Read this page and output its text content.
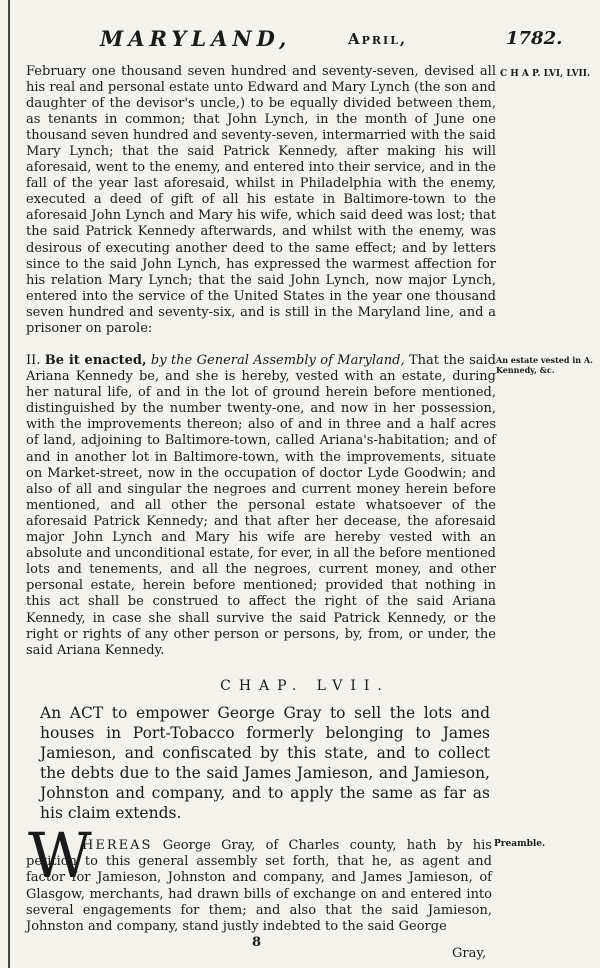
MARYLAND,	April,	1782.
C H A P. LVI, LVII.
February one thousand seven hundred and seventy-seven, devised all his real and personal estate unto Edward and Mary Lynch (the son and daughter of the devisor's uncle,) to be equally divided between them, as tenants in common; that John Lynch, in the month of June one thousand seven hundred and seventy-seven, intermarried with the said Mary Lynch; that the said Patrick Kennedy, after making his will aforesaid, went to the enemy, and entered into their service, and in the fall of the year last aforesaid, whilst in Philadelphia with the enemy, executed a deed of gift of all his estate in Baltimore-town to the aforesaid John Lynch and Mary his wife, which said deed was lost; that the said Patrick Kennedy afterwards, and whilst with the enemy, was desirous of executing another deed to the same effect; and by letters since to the said John Lynch, has expressed the warmest affection for his relation Mary Lynch; that the said John Lynch, now major Lynch, entered into the service of the United States in the year one thousand seven hundred and seventy-six, and is still in the Maryland line, and a prisoner on parole:
An estate vested in A. Kennedy, &c.
II. Be it enacted, by the General Assembly of Maryland, That the said Ariana Kennedy be, and she is hereby, vested with an estate, during her natural life, of and in the lot of ground herein before mentioned, distinguished by the number twenty-one, and now in her possession, with the improvements thereon; also of and in three and a half acres of land, adjoining to Baltimore-town, called Ariana's-habitation; and of and in another lot in Baltimore-town, with the improvements, situate on Market-street, now in the occupation of doctor Lyde Goodwin; and also of all and singular the negroes and current money herein before mentioned, and all other the personal estate whatsoever of the aforesaid Patrick Kennedy; and that after her decease, the aforesaid major John Lynch and Mary his wife are hereby vested with an absolute and unconditional estate, for ever, in all the before mentioned lots and tenements, and all the negroes, current money, and other personal estate, herein before mentioned; provided that nothing in this act shall be construed to affect the right of the said Ariana Kennedy, in case she shall survive the said Patrick Kennedy, or the right or rights of any other person or persons, by, from, or under, the said Ariana Kennedy.
CHAP. LVII.
An ACT to empower George Gray to sell the lots and houses in Port-Tobacco formerly belonging to James Jamieson, and confiscated by this state, and to collect the debts due to the said James Jamieson, and Jamieson, Johnston and company, and to apply the same as far as his claim extends.
W	Preamble.
HEREAS George Gray, of Charles county, hath by his petition to this general assembly set forth, that he, as agent and factor for Jamieson, Johnston and company, and James Jamieson, of Glasgow, merchants, had drawn bills of exchange on and entered into several engagements for them; and also that the said Jamieson, Johnston and company, stand justly indebted to the said George
8
Gray,
